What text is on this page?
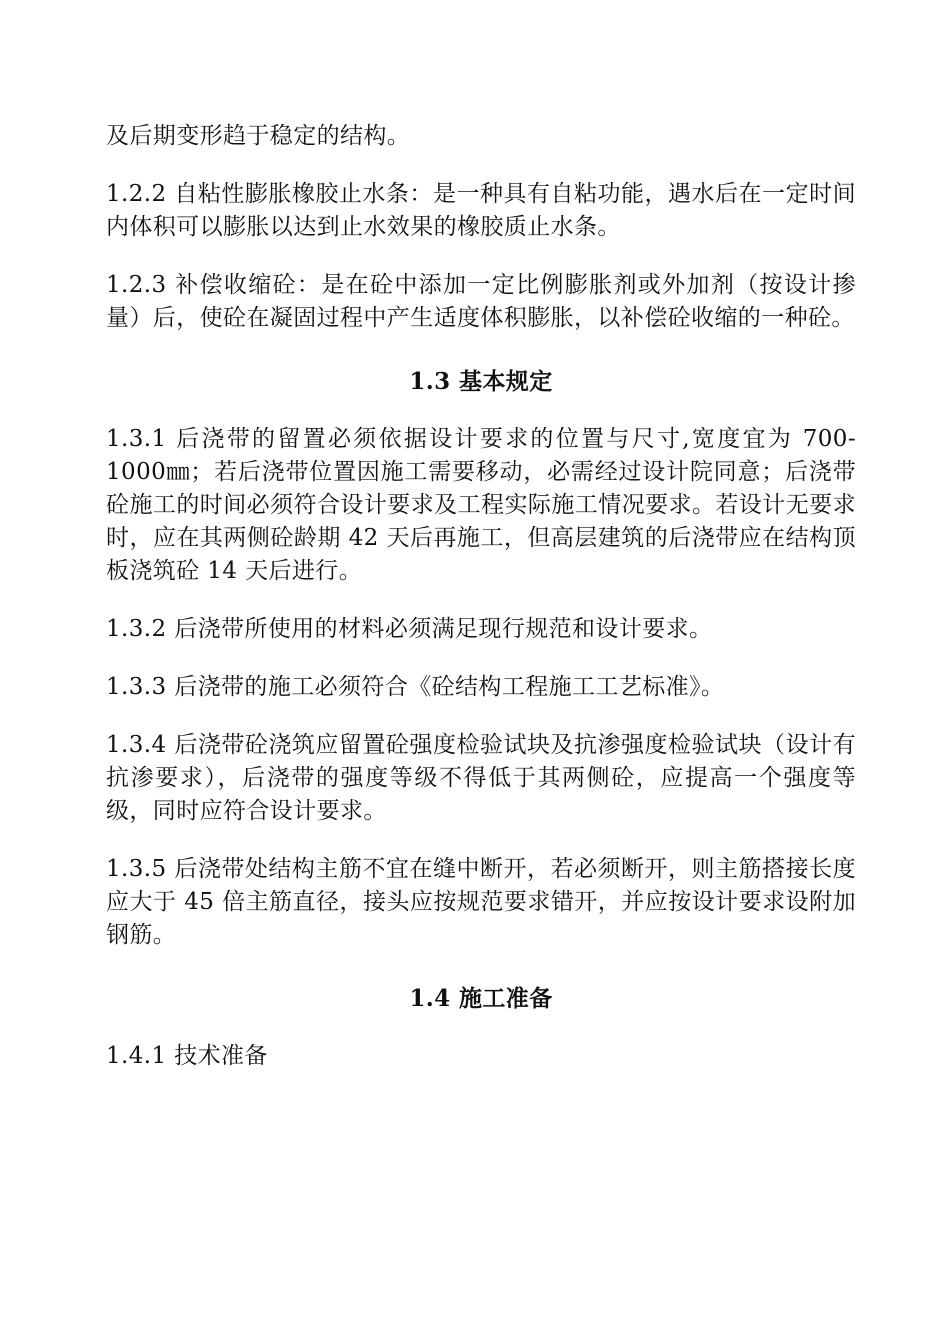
及后期变形趋于稳定的结构。

1.2.2 自粘性膨胀橡胶止水条：是一种具有自粘功能，遇水后在一定时间内体积可以膨胀以达到止水效果的橡胶质止水条。

1.2.3 补偿收缩砼：是在砼中添加一定比例膨胀剂或外加剂（按设计掺量）后，使砼在凝固过程中产生适度体积膨胀，以补偿砼收缩的一种砼。

1.3 基本规定

1.3.1 后浇带的留置必须依据设计要求的位置与尺寸,宽度宜为 700-1000㎜；若后浇带位置因施工需要移动，必需经过设计院同意；后浇带砼施工的时间必须符合设计要求及工程实际施工情况要求。若设计无要求时，应在其两侧砼龄期 42 天后再施工，但高层建筑的后浇带应在结构顶板浇筑砼 14 天后进行。

1.3.2 后浇带所使用的材料必须满足现行规范和设计要求。

1.3.3 后浇带的施工必须符合《砼结构工程施工工艺标准》。

1.3.4 后浇带砼浇筑应留置砼强度检验试块及抗渗强度检验试块（设计有抗渗要求），后浇带的强度等级不得低于其两侧砼，应提高一个强度等级，同时应符合设计要求。

1.3.5 后浇带处结构主筋不宜在缝中断开，若必须断开，则主筋搭接长度应大于 45 倍主筋直径，接头应按规范要求错开，并应按设计要求设附加钢筋。

1.4 施工准备

1.4.1 技术准备
